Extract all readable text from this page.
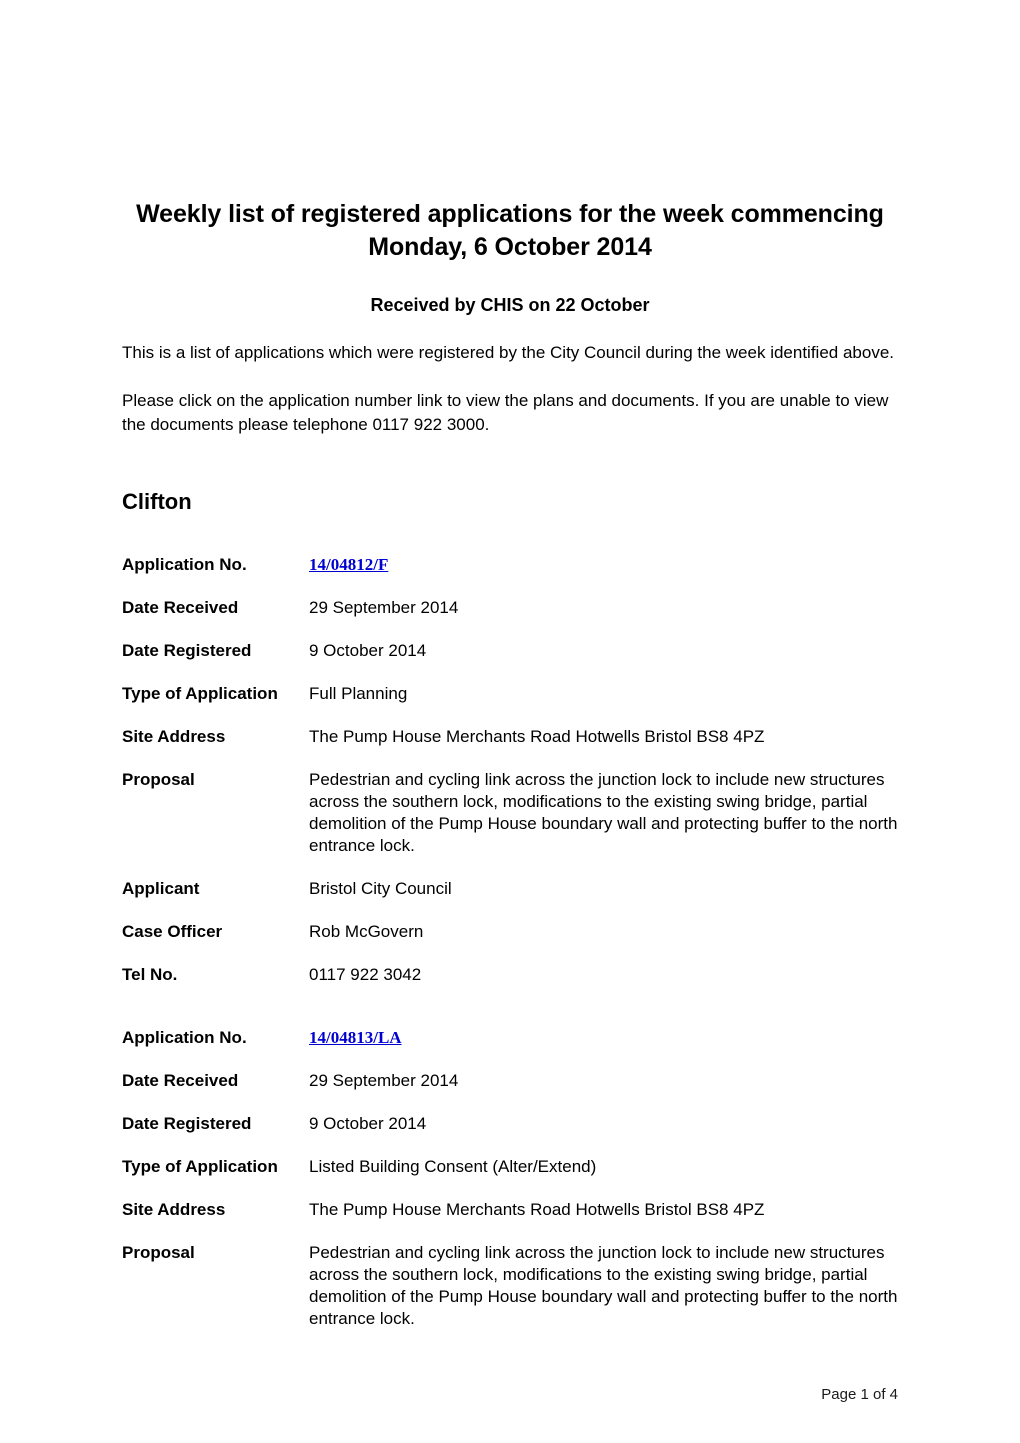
Weekly list of registered applications for the week commencing Monday, 6 October 2014
Received by CHIS on 22 October

This is a list of applications which were registered by the City Council during the week identified above.

Please click on the application number link to view the plans and documents. If you are unable to view the documents please telephone 0117 922 3000.

Clifton
Application No.	14/04812/F
Date Received	29 September 2014
Date Registered	9 October 2014
Type of Application	Full Planning
Site Address	The Pump House Merchants Road Hotwells Bristol BS8 4PZ
Proposal	Pedestrian and cycling link across the junction lock to include new structures across the southern lock, modifications to the existing swing bridge, partial demolition of the Pump House boundary wall and protecting buffer to the north entrance lock.
Applicant	Bristol City Council
Case Officer	Rob McGovern
Tel No.	0117 922 3042
Application No.	14/04813/LA
Date Received	29 September 2014
Date Registered	9 October 2014
Type of Application	Listed Building Consent (Alter/Extend)
Site Address	The Pump House Merchants Road Hotwells Bristol BS8 4PZ
Proposal	Pedestrian and cycling link across the junction lock to include new structures across the southern lock, modifications to the existing swing bridge, partial demolition of the Pump House boundary wall and protecting buffer to the north entrance lock.
Page 1 of 4
